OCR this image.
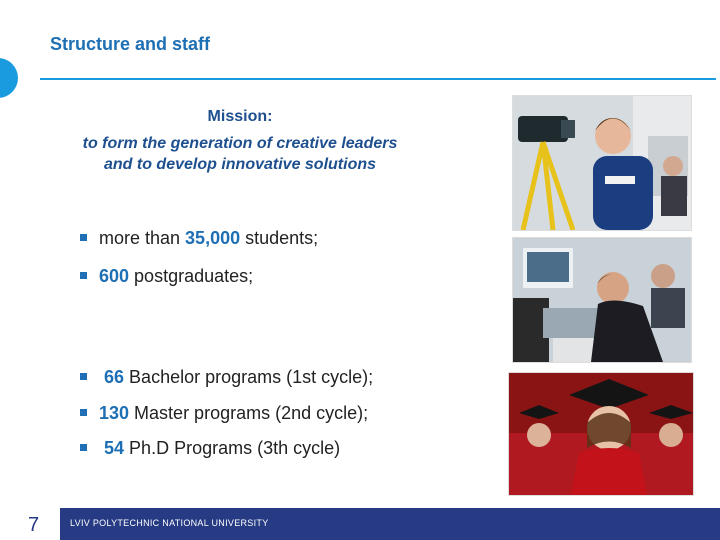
Structure and staff
Mission:
to form the generation of creative leaders
and to develop innovative solutions
more than 35,000 students;
600 postgraduates;
66 Bachelor programs (1st cycle);
130 Master programs (2nd cycle);
54 Ph.D Programs (3th cycle)
7	LVIV POLYTECHNIC NATIONAL UNIVERSITY
